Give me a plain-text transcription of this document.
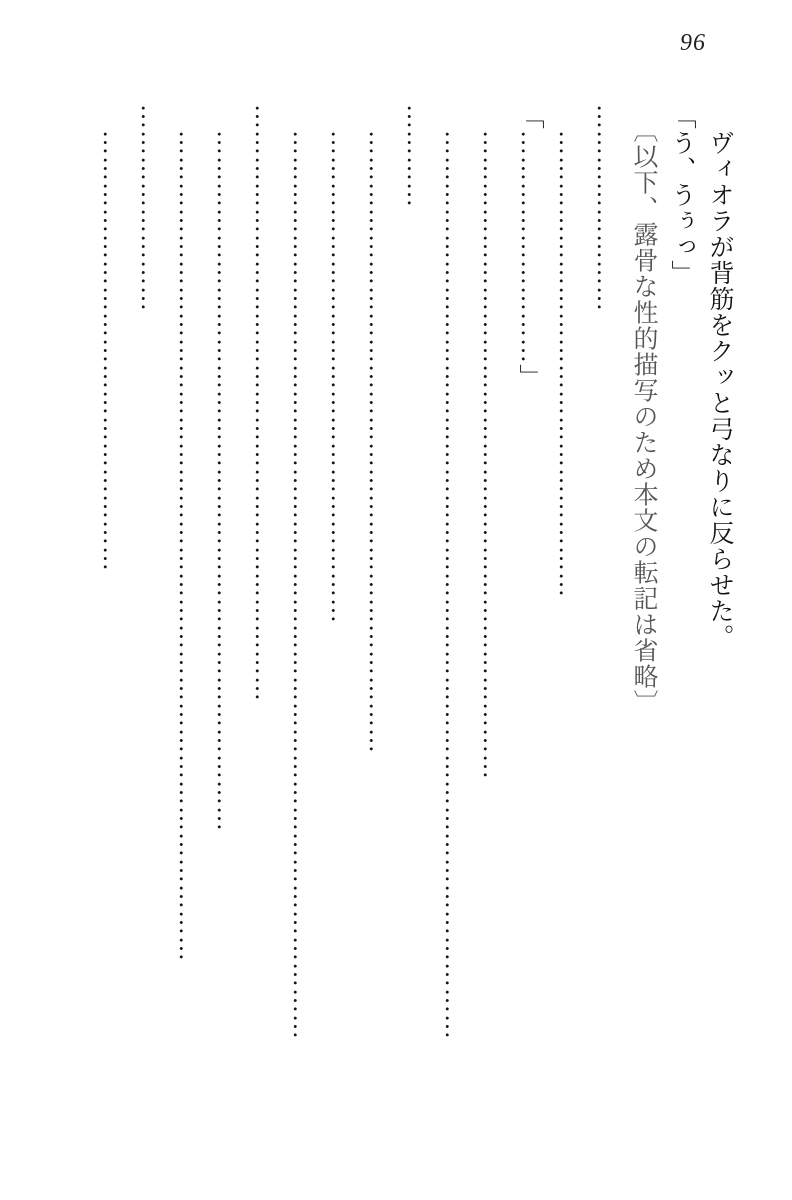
96

　ヴィオラが背筋をクッと弓なりに反らせた。

「う、うぅっ」

　〔以下、露骨な性的描写のため本文の転記は省略〕

……………………

　………………………………………………

「………………………」

　…………………………………………………………………

　……………………………………………………………………………………………

…………

　………………………………………………………………

　…………………………………………………

　……………………………………………………………………………………………

……………………………………………………………

　………………………………………………………………………

　……………………………………………………………………………………

……………………

　……………………………………………
